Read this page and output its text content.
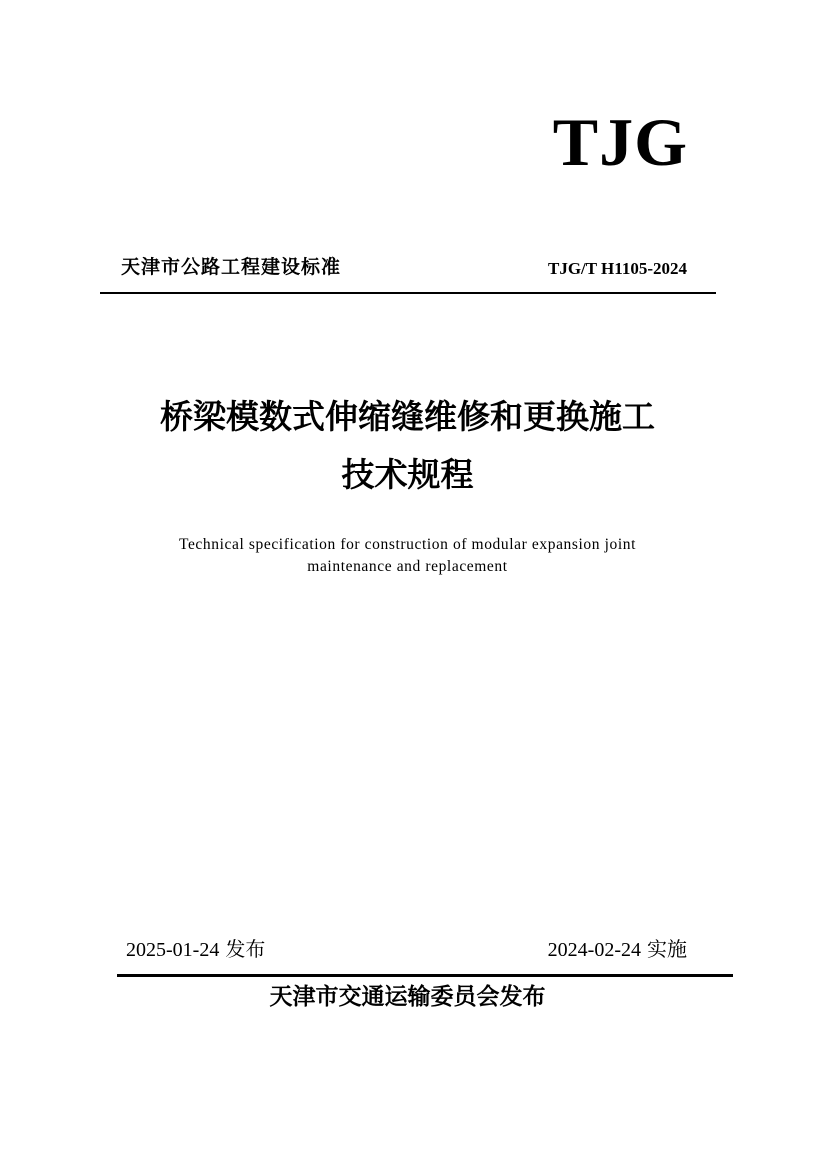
TJG
天津市公路工程建设标准	TJG/T H1105-2024
桥梁模数式伸缩缝维修和更换施工
技术规程
Technical specification for construction of modular expansion joint
maintenance and replacement
2025-01-24 发布	2024-02-24 实施
天津市交通运输委员会发布
